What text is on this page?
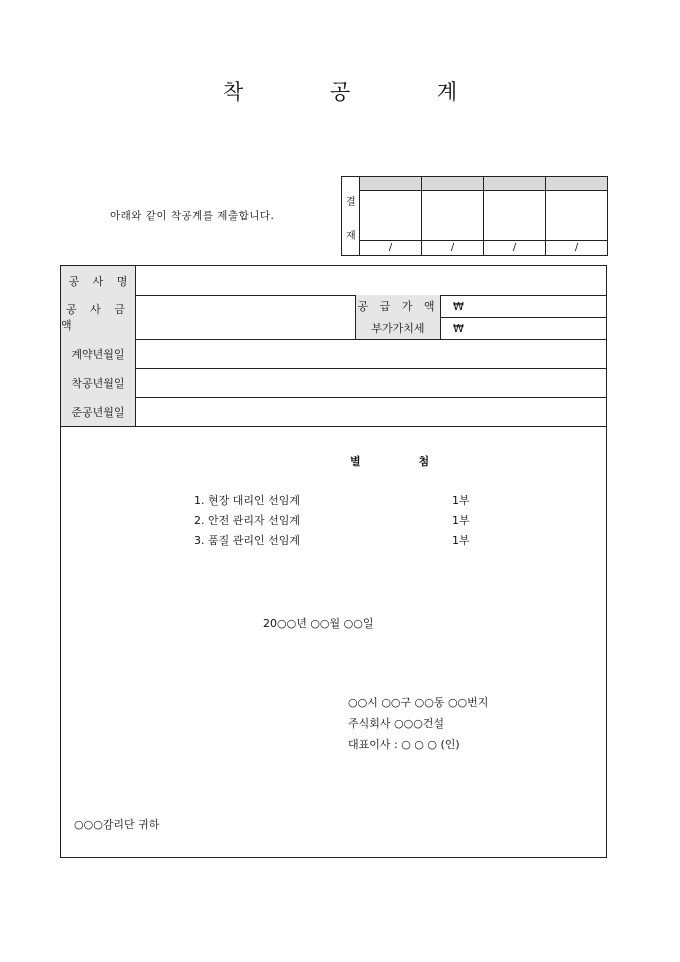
착 공 계
아래와 같이 착공계를 제출합니다.
결
재
/	/	/	/
공 사 명
공 사 금 액
공 급 가 액 ₩
부가가치세	₩
계약년월일
착공년월일
준공년월일
별	첨
1. 현장 대리인 선임계	1부
2. 안전 관리자 선임계	1부
3. 품질 관리인 선임계	1부
20○○년 ○○월 ○○일
○○시 ○○구 ○○동 ○○번지
주식회사 ○○○건설
대표이사 : ○ ○ ○ (인)
○○○감리단 귀하
